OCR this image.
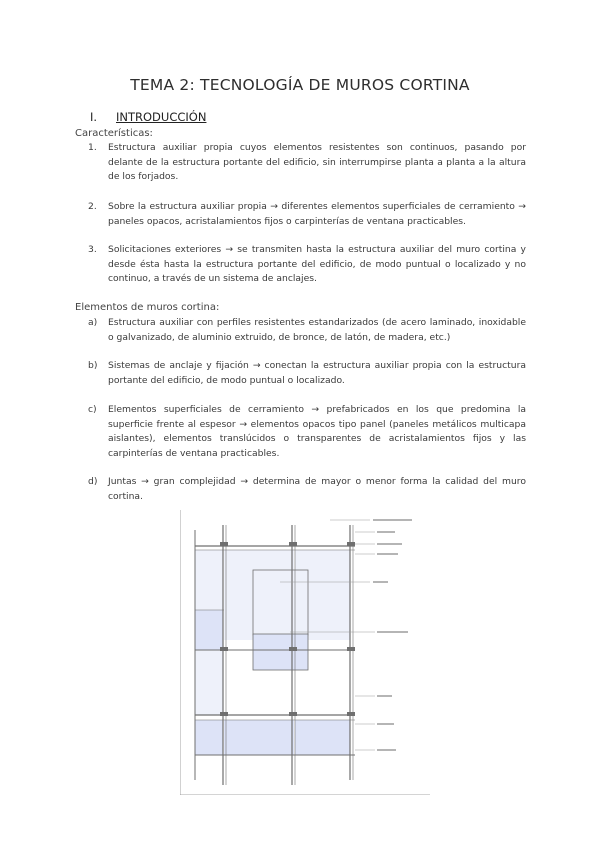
TEMA 2: TECNOLOGÍA DE MUROS CORTINA
I. INTRODUCCIÓN
Características:
1.	Estructura auxiliar propia cuyos elementos resistentes son continuos, pasando por delante de la estructura portante del edificio, sin interrumpirse planta a planta a la altura de los forjados.
2.	Sobre la estructura auxiliar propia → diferentes elementos superficiales de cerramiento → paneles opacos, acristalamientos fijos o carpinterías de ventana practicables.
3.	Solicitaciones exteriores → se transmiten hasta la estructura auxiliar del muro cortina y desde ésta hasta la estructura portante del edificio, de modo puntual o localizado y no continuo, a través de un sistema de anclajes.
Elementos de muros cortina:
a)	Estructura auxiliar con perfiles resistentes estandarizados (de acero laminado, inoxidable o galvanizado, de aluminio extruido, de bronce, de latón, de madera, etc.)
b)	Sistemas de anclaje y fijación → conectan la estructura auxiliar propia con la estructura portante del edificio, de modo puntual o localizado.
c)	Elementos superficiales de cerramiento → prefabricados en los que predomina la superficie frente al espesor → elementos opacos tipo panel (paneles metálicos multicapa aislantes), elementos translúcidos o transparentes de acristalamientos fijos y las carpinterías de ventana practicables.
d)	Juntas → gran complejidad → determina de mayor o menor forma la calidad del muro cortina.
